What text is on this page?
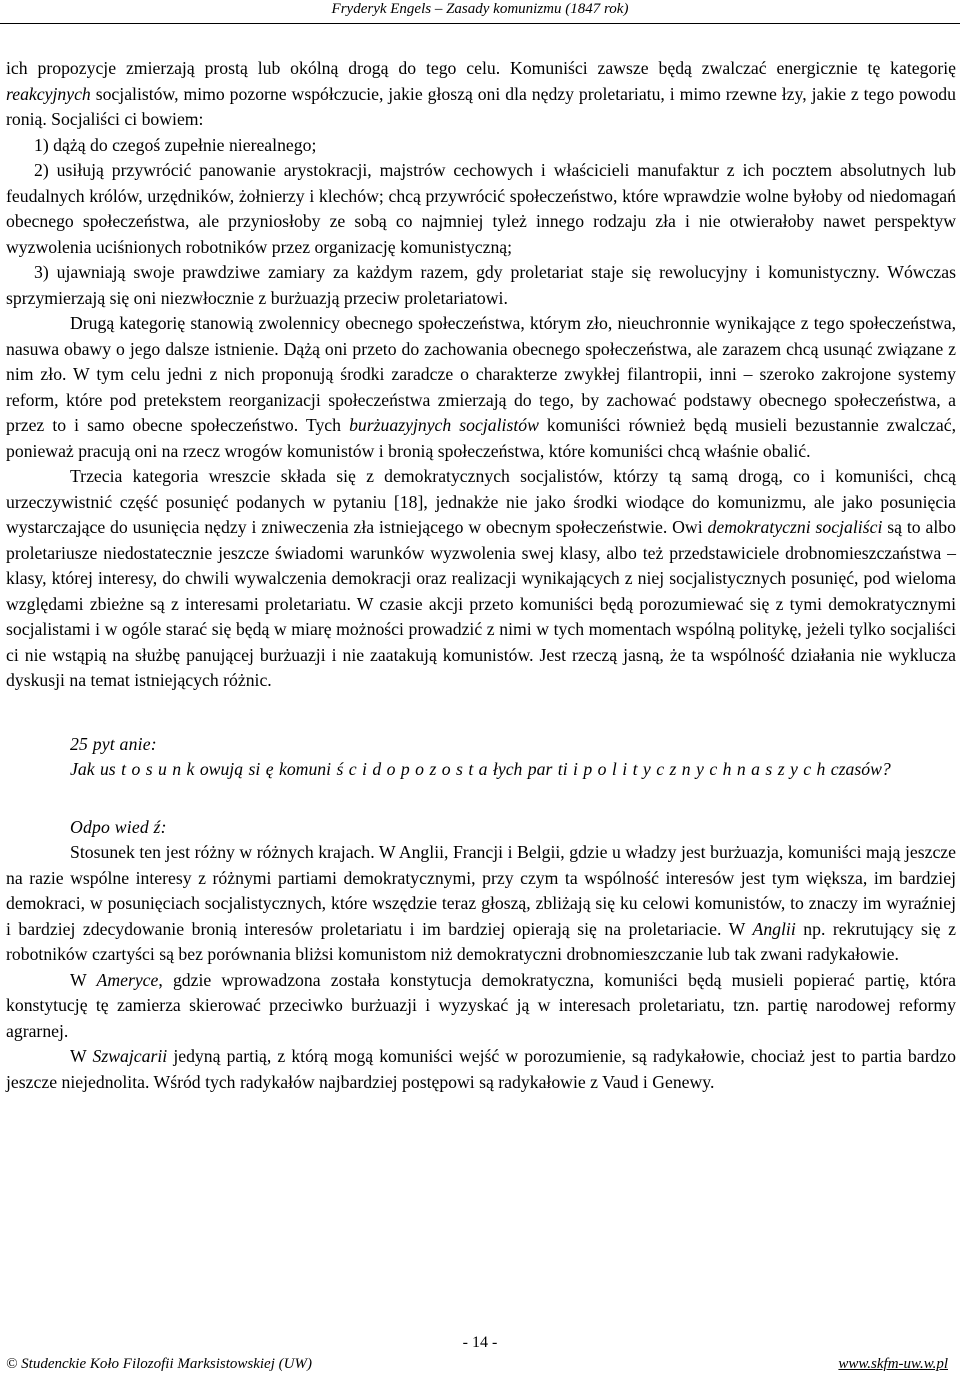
Fryderyk Engels – Zasady komunizmu (1847 rok)

ich propozycje zmierzają prostą lub okólną drogą do tego celu. Komuniści zawsze będą zwalczać energicznie tę kategorię reakcyjnych socjalistów, mimo pozorne współczucie, jakie głoszą oni dla nędzy proletariatu, i mimo rzewne łzy, jakie z tego powodu ronią. Socjaliści ci bowiem:

1) dążą do czegoś zupełnie nierealnego;

2) usiłują przywrócić panowanie arystokracji, majstrów cechowych i właścicieli manufaktur z ich pocztem absolutnych lub feudalnych królów, urzędników, żołnierzy i klechów; chcą przywrócić społeczeństwo, które wprawdzie wolne byłoby od niedomagań obecnego społeczeństwa, ale przyniosłoby ze sobą co najmniej tyleż innego rodzaju zła i nie otwierałoby nawet perspektyw wyzwolenia uciśnionych robotników przez organizację komunistyczną;

3) ujawniają swoje prawdziwe zamiary za każdym razem, gdy proletariat staje się rewolucyjny i komunistyczny. Wówczas sprzymierzają się oni niezwłocznie z burżuazją przeciw proletariatowi.

Drugą kategorię stanowią zwolennicy obecnego społeczeństwa, którym zło, nieuchronnie wynikające z tego społeczeństwa, nasuwa obawy o jego dalsze istnienie. Dążą oni przeto do zachowania obecnego społeczeństwa, ale zarazem chcą usunąć związane z nim zło. W tym celu jedni z nich proponują środki zaradcze o charakterze zwykłej filantropii, inni – szeroko zakrojone systemy reform, które pod pretekstem reorganizacji społeczeństwa zmierzają do tego, by zachować podstawy obecnego społeczeństwa, a przez to i samo obecne społeczeństwo. Tych burżuazyjnych socjalistów komuniści również będą musieli bezustannie zwalczać, ponieważ pracują oni na rzecz wrogów komunistów i bronią społeczeństwa, które komuniści chcą właśnie obalić.

Trzecia kategoria wreszcie składa się z demokratycznych socjalistów, którzy tą samą drogą, co i komuniści, chcą urzeczywistnić część posunięć podanych w pytaniu [18], jednakże nie jako środki wiodące do komunizmu, ale jako posunięcia wystarczające do usunięcia nędzy i zniweczenia zła istniejącego w obecnym społeczeństwie. Owi demokratyczni socjaliści są to albo proletariusze niedostatecznie jeszcze świadomi warunków wyzwolenia swej klasy, albo też przedstawiciele drobnomieszczaństwa – klasy, której interesy, do chwili wywalczenia demokracji oraz realizacji wynikających z niej socjalistycznych posunięć, pod wieloma względami zbieżne są z interesami proletariatu. W czasie akcji przeto komuniści będą porozumiewać się z tymi demokratycznymi socjalistami i w ogóle starać się będą w miarę możności prowadzić z nimi w tych momentach wspólną politykę, jeżeli tylko socjaliści ci nie wstąpią na służbę panującej burżuazji i nie zaatakują komunistów. Jest rzeczą jasną, że ta wspólność działania nie wyklucza dyskusji na temat istniejących różnic.

25 pyt anie:

Jak us t o s u n k owują si ę komuni ś c i d o p o z o s t a łych par ti i p o l i t y c z n y c h n a s z y c h czasów?

Odpo wied ź:

Stosunek ten jest różny w różnych krajach. W Anglii, Francji i Belgii, gdzie u władzy jest burżuazja, komuniści mają jeszcze na razie wspólne interesy z różnymi partiami demokratycznymi, przy czym ta wspólność interesów jest tym większa, im bardziej demokraci, w posunięciach socjalistycznych, które wszędzie teraz głoszą, zbliżają się ku celowi komunistów, to znaczy im wyraźniej i bardziej zdecydowanie bronią interesów proletariatu i im bardziej opierają się na proletariacie. W Anglii np. rekrutujący się z robotników czartyści są bez porównania bliżsi komunistom niż demokratyczni drobnomieszczanie lub tak zwani radykałowie.

W Ameryce, gdzie wprowadzona została konstytucja demokratyczna, komuniści będą musieli popierać partię, która konstytucję tę zamierza skierować przeciwko burżuazji i wyzyskać ją w interesach proletariatu, tzn. partię narodowej reformy agrarnej.

W Szwajcarii jedyną partią, z którą mogą komuniści wejść w porozumienie, są radykałowie, chociaż jest to partia bardzo jeszcze niejednolita. Wśród tych radykałów najbardziej postępowi są radykałowie z Vaud i Genewy.

- 14 -
© Studenckie Koło Filozofii Marksistowskiej (UW)	www.skfm-uw.w.pl
